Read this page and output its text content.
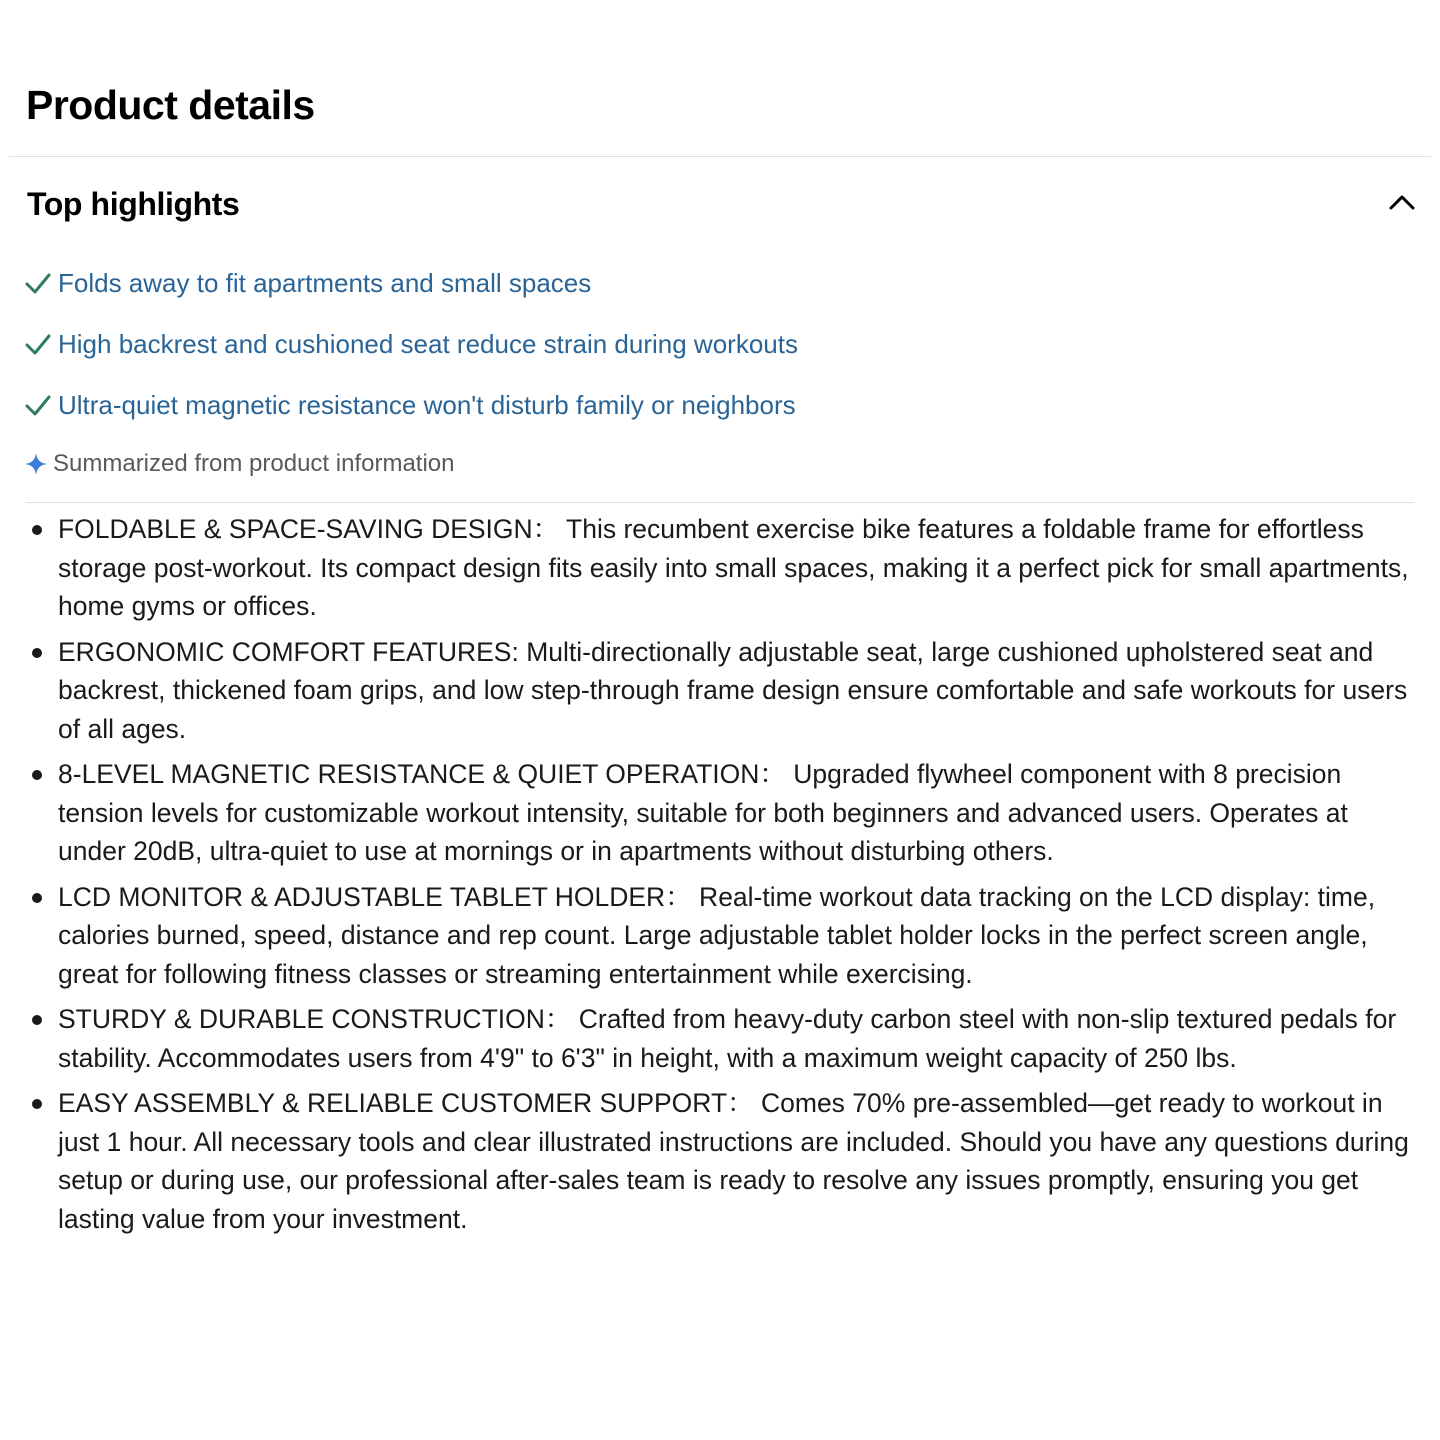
Product details
Top highlights
Folds away to fit apartments and small spaces
High backrest and cushioned seat reduce strain during workouts
Ultra-quiet magnetic resistance won't disturb family or neighbors
Summarized from product information
FOLDABLE & SPACE-SAVING DESIGN： This recumbent exercise bike features a foldable frame for effortless storage post-workout. Its compact design fits easily into small spaces, making it a perfect pick for small apartments, home gyms or offices.
ERGONOMIC COMFORT FEATURES: Multi-directionally adjustable seat, large cushioned upholstered seat and backrest, thickened foam grips, and low step-through frame design ensure comfortable and safe workouts for users of all ages.
8-LEVEL MAGNETIC RESISTANCE & QUIET OPERATION： Upgraded flywheel component with 8 precision tension levels for customizable workout intensity, suitable for both beginners and advanced users. Operates at under 20dB, ultra-quiet to use at mornings or in apartments without disturbing others.
LCD MONITOR & ADJUSTABLE TABLET HOLDER： Real-time workout data tracking on the LCD display: time, calories burned, speed, distance and rep count. Large adjustable tablet holder locks in the perfect screen angle, great for following fitness classes or streaming entertainment while exercising.
STURDY & DURABLE CONSTRUCTION： Crafted from heavy-duty carbon steel with non-slip textured pedals for stability. Accommodates users from 4'9" to 6'3" in height, with a maximum weight capacity of 250 lbs.
EASY ASSEMBLY & RELIABLE CUSTOMER SUPPORT： Comes 70% pre-assembled—get ready to workout in just 1 hour. All necessary tools and clear illustrated instructions are included. Should you have any questions during setup or during use, our professional after-sales team is ready to resolve any issues promptly, ensuring you get lasting value from your investment.
